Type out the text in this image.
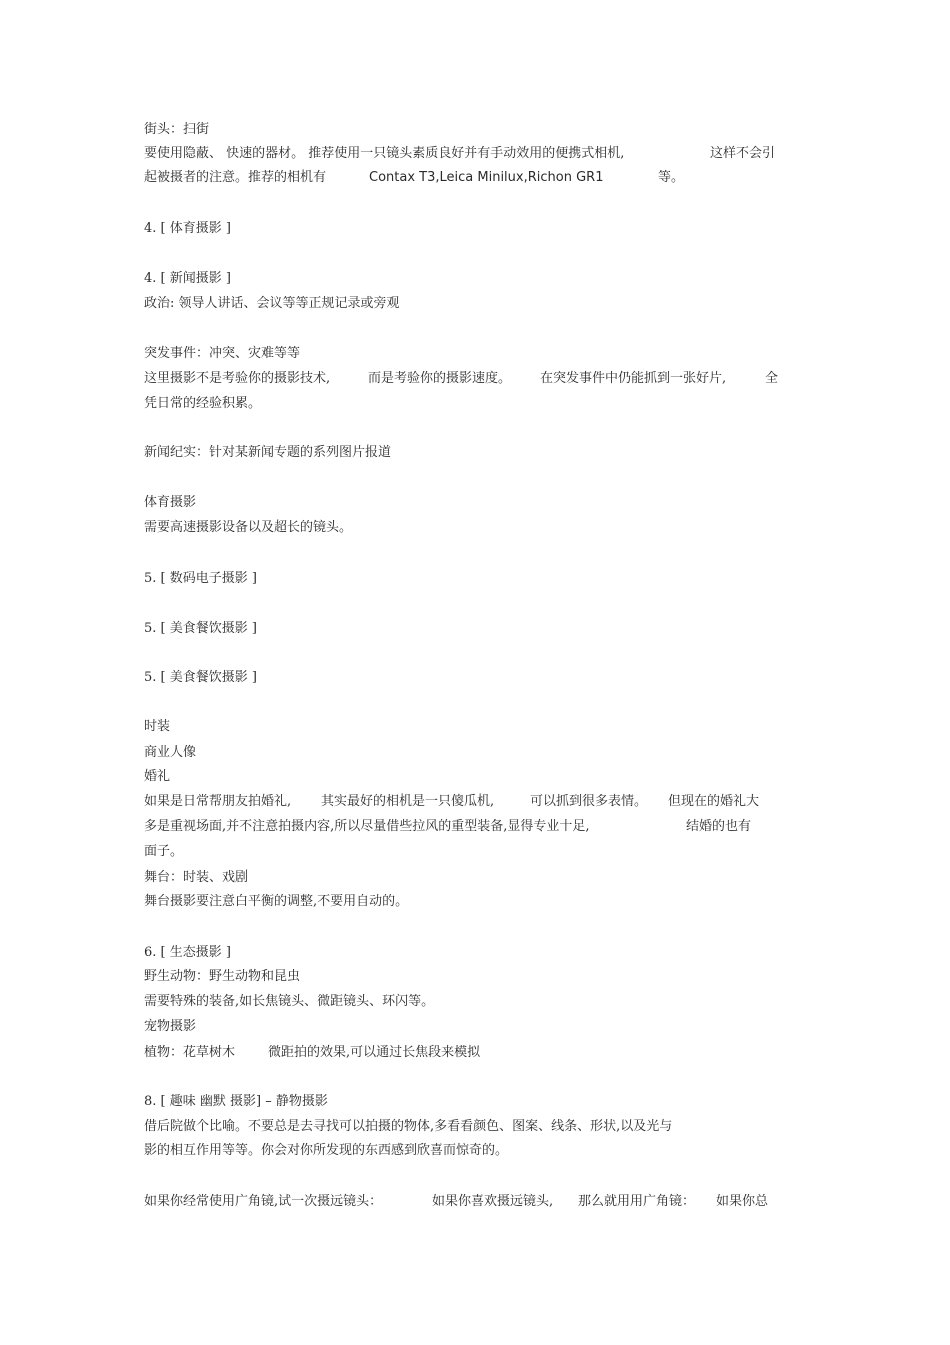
街头：扫街
要使用隐蔽、 快速的器材。 推荐使用一只镜头素质良好并有手动效用的便携式相机,	这样不会引
起被摄者的注意。推荐的相机有	Contax T3,Leica Minilux,Richon GR1	等。
4. [ 体育摄影 ]
4. [ 新闻摄影 ]
政治: 领导人讲话、会议等等正规记录或旁观
突发事件：冲突、灾难等等
这里摄影不是考验你的摄影技术,	而是考验你的摄影速度。 在突发事件中仍能抓到一张好片,	全
凭日常的经验积累。
新闻纪实：针对某新闻专题的系列图片报道
体育摄影
需要高速摄影设备以及超长的镜头。
5. [ 数码电子摄影 ]
5. [ 美食餐饮摄影 ]
5. [ 美食餐饮摄影 ]
时装
商业人像
婚礼
如果是日常帮朋友拍婚礼, 其实最好的相机是一只傻瓜机,	可以抓到很多表情。 但现在的婚礼大
多是重视场面,并不注意拍摄内容,所以尽量借些拉风的重型装备,显得专业十足,	结婚的也有
面子。
舞台：时装、戏剧
舞台摄影要注意白平衡的调整,不要用自动的。
6. [ 生态摄影 ]
野生动物：野生动物和昆虫
需要特殊的装备,如长焦镜头、微距镜头、环闪等。
宠物摄影
植物：花草树木	微距拍的效果,可以通过长焦段来模拟
8. [ 趣味 幽默 摄影] – 静物摄影
借后院做个比喻。不要总是去寻找可以拍摄的物体,多看看颜色、图案、线条、形状,以及光与
影的相互作用等等。你会对你所发现的东西感到欣喜而惊奇的。
如果你经常使用广角镜,试一次摄远镜头：	如果你喜欢摄远镜头, 那么就用用广角镜： 如果你总
